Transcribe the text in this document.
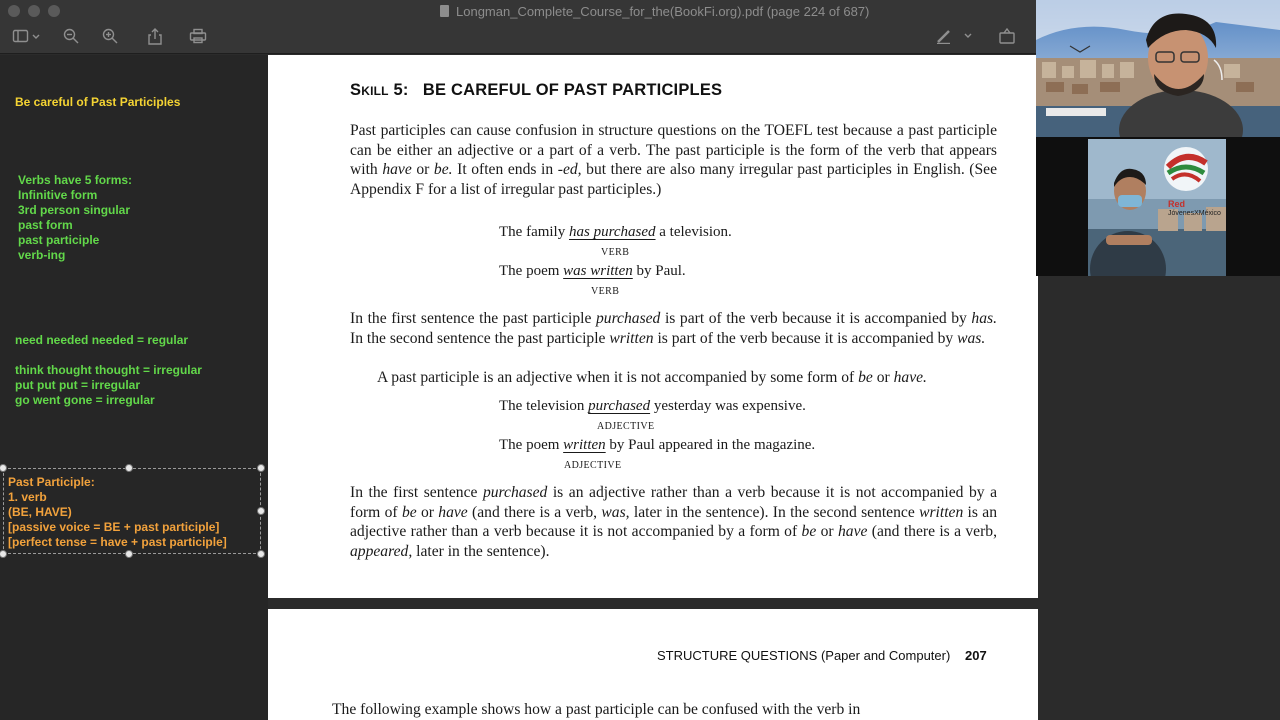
Longman_Complete_Course_for_the(BookFi.org).pdf (page 224 of 687)
Be careful of Past Participles
Verbs have 5 forms:
Infinitive form
3rd person singular
past form
past participle
verb-ing
need needed needed = regular
think thought thought = irregular
put put put = irregular
go went gone = irregular
Past Participle:
1. verb
(BE, HAVE)
[passive voice = BE + past participle]
[perfect tense = have + past participle]
Skill 5: BE CAREFUL OF PAST PARTICIPLES

Past participles can cause confusion in structure questions on the TOEFL test because a past participle can be either an adjective or a part of a verb. The past participle is the form of the verb that appears with have or be. It often ends in -ed, but there are also many irregular past participles in English. (See Appendix F for a list of irregular past participles.)

The family has purchased a television.
VERB
The poem was written by Paul.
VERB

In the first sentence the past participle purchased is part of the verb because it is accompanied by has. In the second sentence the past participle written is part of the verb because it is accompanied by was.

A past participle is an adjective when it is not accompanied by some form of be or have.

The television purchased yesterday was expensive.
ADJECTIVE
The poem written by Paul appeared in the magazine.
ADJECTIVE

In the first sentence purchased is an adjective rather than a verb because it is not accompanied by a form of be or have (and there is a verb, was, later in the sentence). In the second sentence written is an adjective rather than a verb because it is not accompanied by a form of be or have (and there is a verb, appeared, later in the sentence).

STRUCTURE QUESTIONS (Paper and Computer) 207
The following example shows how a past participle can be confused with the verb in
Red
JóvenesXMéxico
